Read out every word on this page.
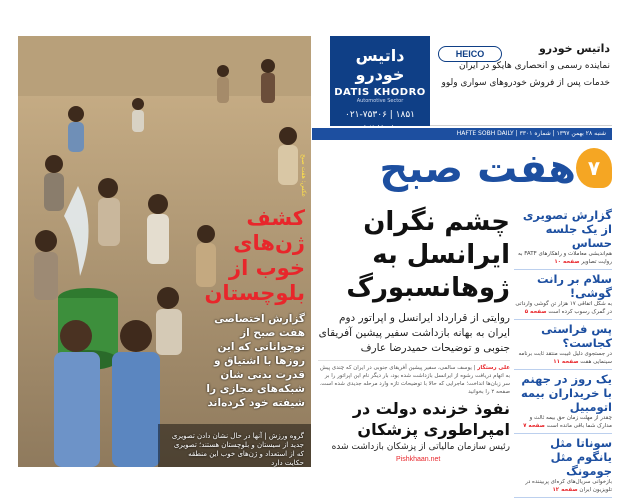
عکس: هفت صبح
کشف ژن‌های خوب از بلوچستان
گزارش اختصاصی هفت صبح از نوجوانانی که این روزها با اشتیاق و قدرت بدنی شان شبکه‌های مجازی را شیفته خود کرده‌اند
گروه ورزش | آنها در حال نشان دادن تصویری جدید از سیستان و بلوچستان هستند؛ تصویری که از استعداد و ژن‌های خوب این منطقه حکایت دارد
داتیس خودرو
DATIS KHODRO
Automotive Sector
۰۲۱-۷۵۳۰۶ | ۱۸۵۱
HEICO	داتیس خودرو
نماینده رسمی و انحصاری هایکو در ایران
خدمات پس از فروش خودروهای سواری ولوو
شنبه ۲۸ بهمن ۱۳۹۷ | شماره ۳۳۰۱ | HAFTE SOBH DAILY
هفت صبح ۷
چشم نگران ایرانسل به ژوهانسبورگ
روایتی از قرارداد ایرانسل و اپراتور دوم ایران به بهانه بازداشت سفیر پیشین آفریقای جنوبی و توضیحات حمیدرضا عارف
علی رستگار | یوسف سالمی، سفیر پیشین آفریقای جنوبی در ایران که چندی پیش به اتهام دریافت رشوه از ایرانسل بازداشت شده بود، بار دیگر نام این اپراتور را بر سر زبان‌ها انداخت؛ ماجرایی که حالا با توضیحات تازه وارد مرحله جدیدی شده است. صفحه ۲ را بخوانید
نفوذ خزنده دولت در امپراطوری پزشکان
رئیس سازمان مالیاتی از پزشکان بازداشت شده
گزارش تصویری از یک جلسه حساس
هم‌اندیشی معاملات و راهکارهای FATF به روایت تصاویر صفحه ۱۰
سلام بر رانت گوشی!
به شکل اتفاقی ۱۷ هزار تن گوشی وارداتی در گمرک رسوب کرده است صفحه ۵
پس فراستی کجاست؟
در جستجوی دلیل غیبت منتقد ثابت برنامه سینمایی هفت صفحه ۱۱
یک روز در جهنم با خریداران بیمه اتومبیل
چقدر از مهلت زمان حق بیمه ثالث و مدارک شما باقی مانده است صفحه ۷
سوناتا مثل یانگوم مثل جومونگ
بازخوانی سریال‌های کره‌ای پربیننده در تلویزیون ایران صفحه ۱۲
Pishkhaan.net
